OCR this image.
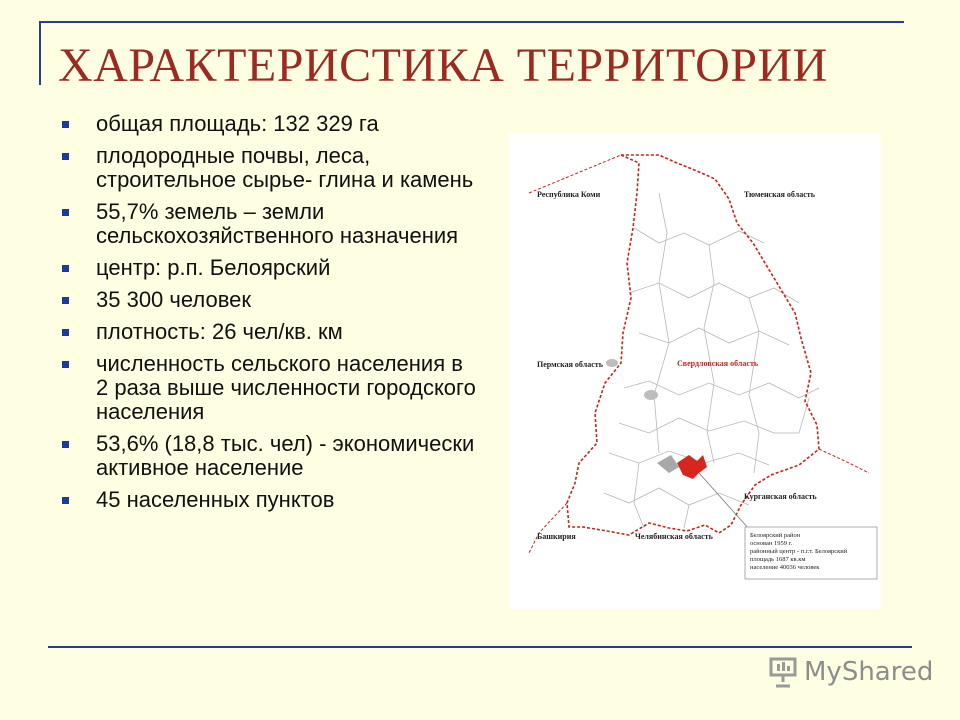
ХАРАКТЕРИСТИКА ТЕРРИТОРИИ
общая площадь: 132 329 га
плодородные почвы, леса, строительное сырье- глина и камень
55,7% земель – земли сельскохозяйственного назначения
центр: р.п. Белоярский
35 300 человек
плотность: 26 чел/кв. км
численность сельского населения в 2 раза выше численности городского населения
53,6% (18,8 тыс. чел) - экономически активное население
45 населенных пунктов
Республика Коми	Тюменская область
Пермская область	Свердловская область
Курганская область
Башкирия	Челябинская область	Белоярский район
основан 1959 г.
районный центр - п.г.т. Белоярский
площадь 1687 кв.км
население 40036 человек
MyShared
